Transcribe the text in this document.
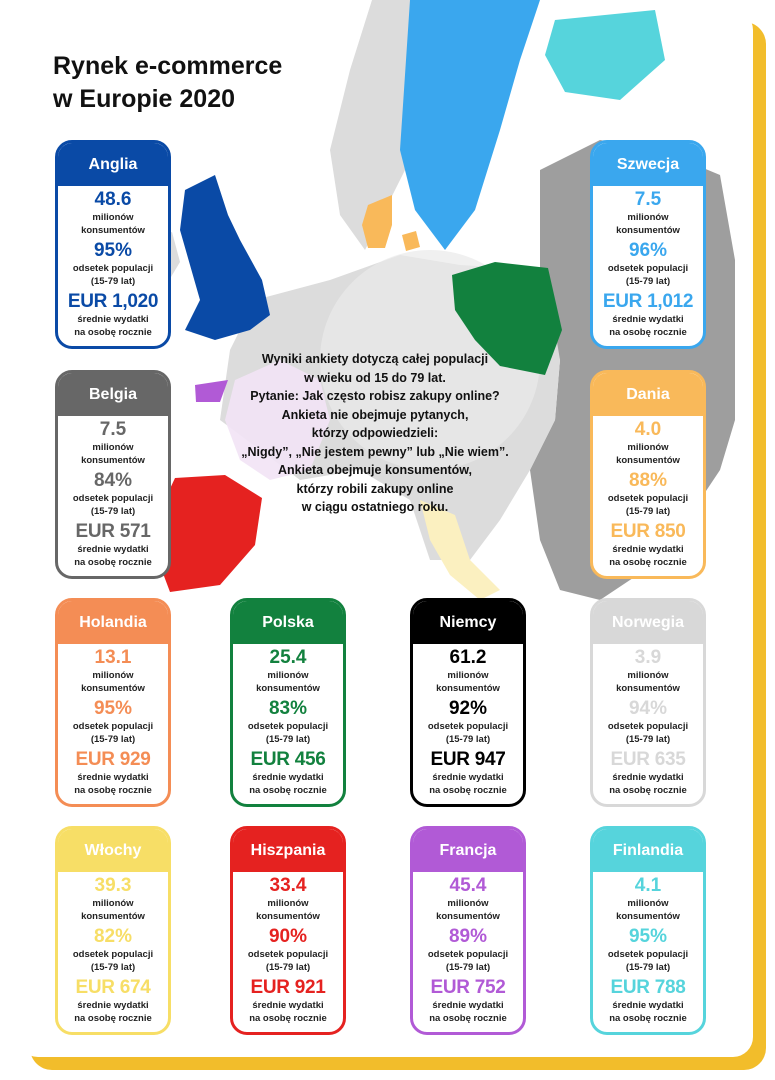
Rynek e-commerce
w Europie 2020
Wyniki ankiety dotyczą całej populacji
w wieku od 15 do 79 lat.
Pytanie: Jak często robisz zakupy online?
Ankieta nie obejmuje pytanych,
którzy odpowiedzieli:
„Nigdy”, „Nie jestem pewny” lub „Nie wiem”.
Ankieta obejmuje konsumentów,
którzy robili zakupy online
w ciągu ostatniego roku.
Anglia
48.6
milionów
konsumentów
95%
odsetek populacji
(15-79 lat)
EUR 1,020
średnie wydatki
na osobę rocznie
Szwecja
7.5
milionów
konsumentów
96%
odsetek populacji
(15-79 lat)
EUR 1,012
średnie wydatki
na osobę rocznie
Belgia
7.5
milionów
konsumentów
84%
odsetek populacji
(15-79 lat)
EUR 571
średnie wydatki
na osobę rocznie
Dania
4.0
milionów
konsumentów
88%
odsetek populacji
(15-79 lat)
EUR 850
średnie wydatki
na osobę rocznie
Holandia
13.1
milionów
konsumentów
95%
odsetek populacji
(15-79 lat)
EUR 929
średnie wydatki
na osobę rocznie
Polska
25.4
milionów
konsumentów
83%
odsetek populacji
(15-79 lat)
EUR 456
średnie wydatki
na osobę rocznie
Niemcy
61.2
milionów
konsumentów
92%
odsetek populacji
(15-79 lat)
EUR 947
średnie wydatki
na osobę rocznie
Norwegia
3.9
milionów
konsumentów
94%
odsetek populacji
(15-79 lat)
EUR 635
średnie wydatki
na osobę rocznie
Włochy
39.3
milionów
konsumentów
82%
odsetek populacji
(15-79 lat)
EUR 674
średnie wydatki
na osobę rocznie
Hiszpania
33.4
milionów
konsumentów
90%
odsetek populacji
(15-79 lat)
EUR 921
średnie wydatki
na osobę rocznie
Francja
45.4
milionów
konsumentów
89%
odsetek populacji
(15-79 lat)
EUR 752
średnie wydatki
na osobę rocznie
Finlandia
4.1
milionów
konsumentów
95%
odsetek populacji
(15-79 lat)
EUR 788
średnie wydatki
na osobę rocznie
